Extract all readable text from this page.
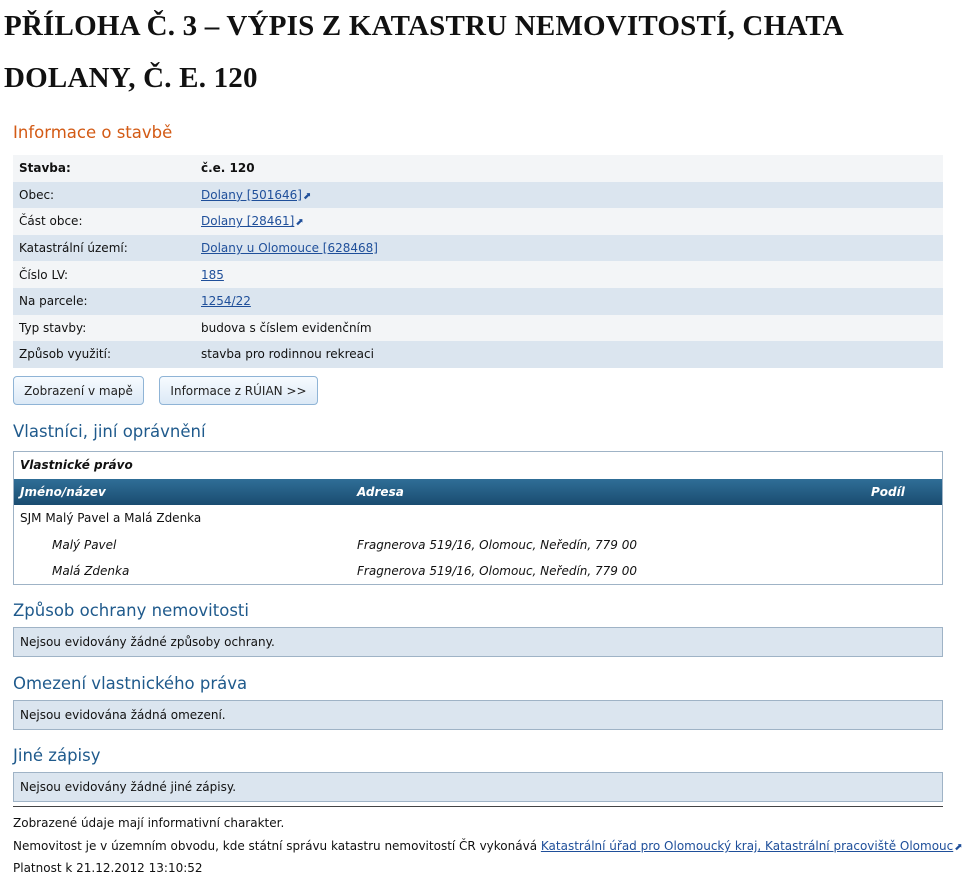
PŘÍLOHA Č. 3 – VÝPIS Z KATASTRU NEMOVITOSTÍ, CHATA DOLANY, Č. E. 120
Informace o stavbě
Stavba:	č.e. 120
Obec:	Dolany [501646]⬈
Část obce:	Dolany [28461]⬈
Katastrální území:	Dolany u Olomouce [628468]
Číslo LV:	185
Na parcele:	1254/22
Typ stavby:	budova s číslem evidenčním
Způsob využití:	stavba pro rodinnou rekreaci
Zobrazení v mapě	Informace z RÚIAN >>
Vlastníci, jiní oprávnění
Vlastnické právo
Jméno/název	Adresa	Podíl
SJM Malý Pavel a Malá Zdenka
Malý Pavel	Fragnerova 519/16, Olomouc, Neředín, 779 00
Malá Zdenka	Fragnerova 519/16, Olomouc, Neředín, 779 00
Způsob ochrany nemovitosti
Nejsou evidovány žádné způsoby ochrany.
Omezení vlastnického práva
Nejsou evidována žádná omezení.
Jiné zápisy
Nejsou evidovány žádné jiné zápisy.
Zobrazené údaje mají informativní charakter.
Nemovitost je v územním obvodu, kde státní správu katastru nemovitostí ČR vykonává Katastrální úřad pro Olomoucký kraj, Katastrální pracoviště Olomouc⬈
Platnost k 21.12.2012 13:10:52
